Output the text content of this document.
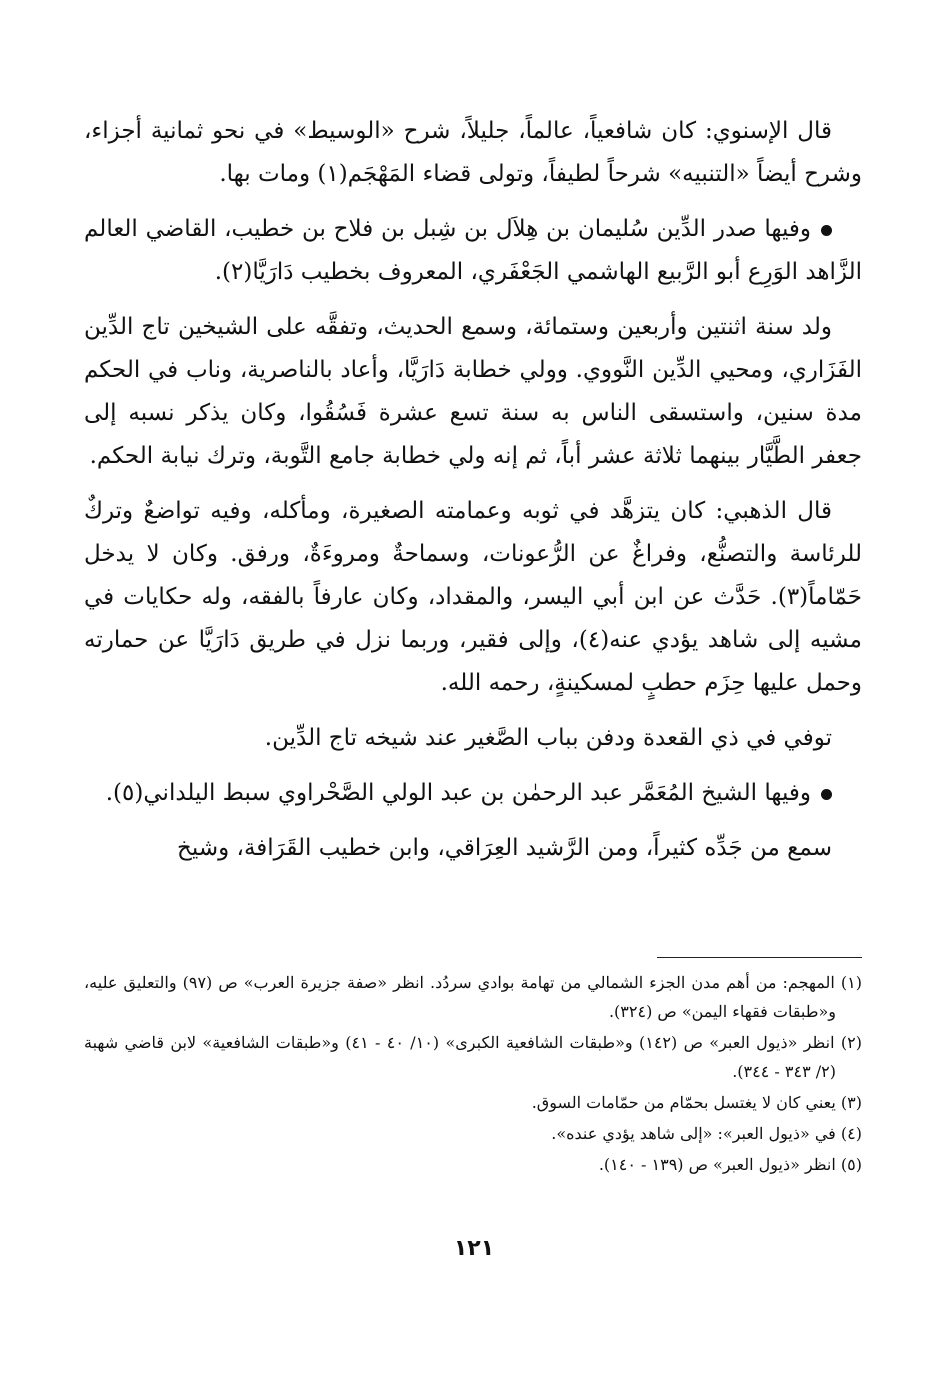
قال الإسنوي: كان شافعياً، عالماً، جليلاً، شرح «الوسيط» في نحو ثمانية أجزاء، وشرح أيضاً «التنبيه» شرحاً لطيفاً، وتولى قضاء المَهْجَم(١) ومات بها.

وفيها صدر الدِّين سُليمان بن هِلاَل بن شِبل بن فلاح بن خطيب، القاضي العالم الزَّاهد الوَرِع أبو الرَّبيع الهاشمي الجَعْفَري، المعروف بخطيب دَارَيَّا(٢).

ولد سنة اثنتين وأربعين وستمائة، وسمع الحديث، وتفقَّه على الشيخين تاج الدِّين الفَزَاري، ومحيي الدِّين النَّووي. وولي خطابة دَارَيَّا، وأعاد بالناصرية، وناب في الحكم مدة سنين، واستسقى الناس به سنة تسع عشرة فَسُقُوا، وكان يذكر نسبه إلى جعفر الطَّيَّار بينهما ثلاثة عشر أباً، ثم إنه ولي خطابة جامع التَّوبة، وترك نيابة الحكم.

قال الذهبي: كان يتزهَّد في ثوبه وعمامته الصغيرة، ومأكله، وفيه تواضعٌ وتركٌ للرئاسة والتصنُّع، وفراغٌ عن الرُّعونات، وسماحةٌ ومروءَةٌ، ورفق. وكان لا يدخل حَمّاماً(٣). حَدَّث عن ابن أبي اليسر، والمقداد، وكان عارفاً بالفقه، وله حكايات في مشيه إلى شاهد يؤدي عنه(٤)، وإلى فقير، وربما نزل في طريق دَارَيَّا عن حمارته وحمل عليها حِزَم حطبٍ لمسكينةٍ، رحمه الله.

توفي في ذي القعدة ودفن بباب الصَّغير عند شيخه تاج الدِّين.

وفيها الشيخ المُعَمَّر عبد الرحمٰن بن عبد الولي الصَّحْراوي سبط اليلداني(٥).

سمع من جَدِّه كثيراً، ومن الرَّشيد العِرَاقي، وابن خطيب القَرَافة، وشيخ

(١) المهجم: من أهم مدن الجزء الشمالي من تهامة بوادي سردُد. انظر «صفة جزيرة العرب» ص (٩٧) والتعليق عليه، و«طبقات فقهاء اليمن» ص (٣٢٤).

(٢) انظر «ذيول العبر» ص (١٤٢) و«طبقات الشافعية الكبرى» (١٠/ ٤٠ - ٤١) و«طبقات الشافعية» لابن قاضي شهبة (٢/ ٣٤٣ - ٣٤٤).

(٣) يعني كان لا يغتسل بحمّام من حمّامات السوق.

(٤) في «ذيول العبر»: «إلى شاهد يؤدي عنده».

(٥) انظر «ذيول العبر» ص (١٣٩ - ١٤٠).

١٢١
